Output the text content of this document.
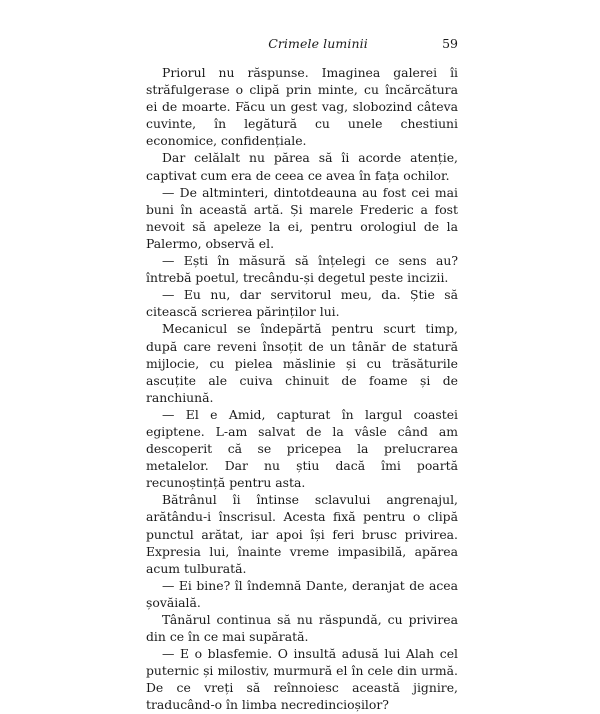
Crimele luminii	59

Priorul nu răspunse. Imaginea galerei îi străfulgerase o clipă prin minte, cu încărcătura ei de moarte. Făcu un gest vag, slobozind câteva cuvinte, în legătură cu unele chestiuni economice, confidențiale.

Dar celălalt nu părea să îi acorde atenție, captivat cum era de ceea ce avea în fața ochilor.

— De altminteri, dintotdeauna au fost cei mai buni în această artă. Și marele Frederic a fost nevoit să apeleze la ei, pentru orologiul de la Palermo, observă el.

— Ești în măsură să înțelegi ce sens au? întrebă poetul, trecându-și degetul peste incizii.

— Eu nu, dar servitorul meu, da. Știe să citească scrierea părinților lui.

Mecanicul se îndepărtă pentru scurt timp, după care reveni însoțit de un tânăr de statură mijlocie, cu pielea măslinie și cu trăsăturile ascuțite ale cuiva chinuit de foame și de ranchiună.

— El e Amid, capturat în largul coastei egiptene. L-am salvat de la vâsle când am descoperit că se pricepea la prelucrarea metalelor. Dar nu știu dacă îmi poartă recunoștință pentru asta.

Bătrânul îi întinse sclavului angrenajul, arătându-i înscrisul. Acesta fixă pentru o clipă punctul arătat, iar apoi își feri brusc privirea. Expresia lui, înainte vreme impasibilă, apărea acum tulburată.

— Ei bine? îl îndemnă Dante, deranjat de acea șovăială.

Tânărul continua să nu răspundă, cu privirea din ce în ce mai supărată.

— E o blasfemie. O insultă adusă lui Alah cel puternic și milostiv, murmură el în cele din urmă. De ce vreți să reînnoiesc această jignire, traducând-o în limba necredincioșilor?
